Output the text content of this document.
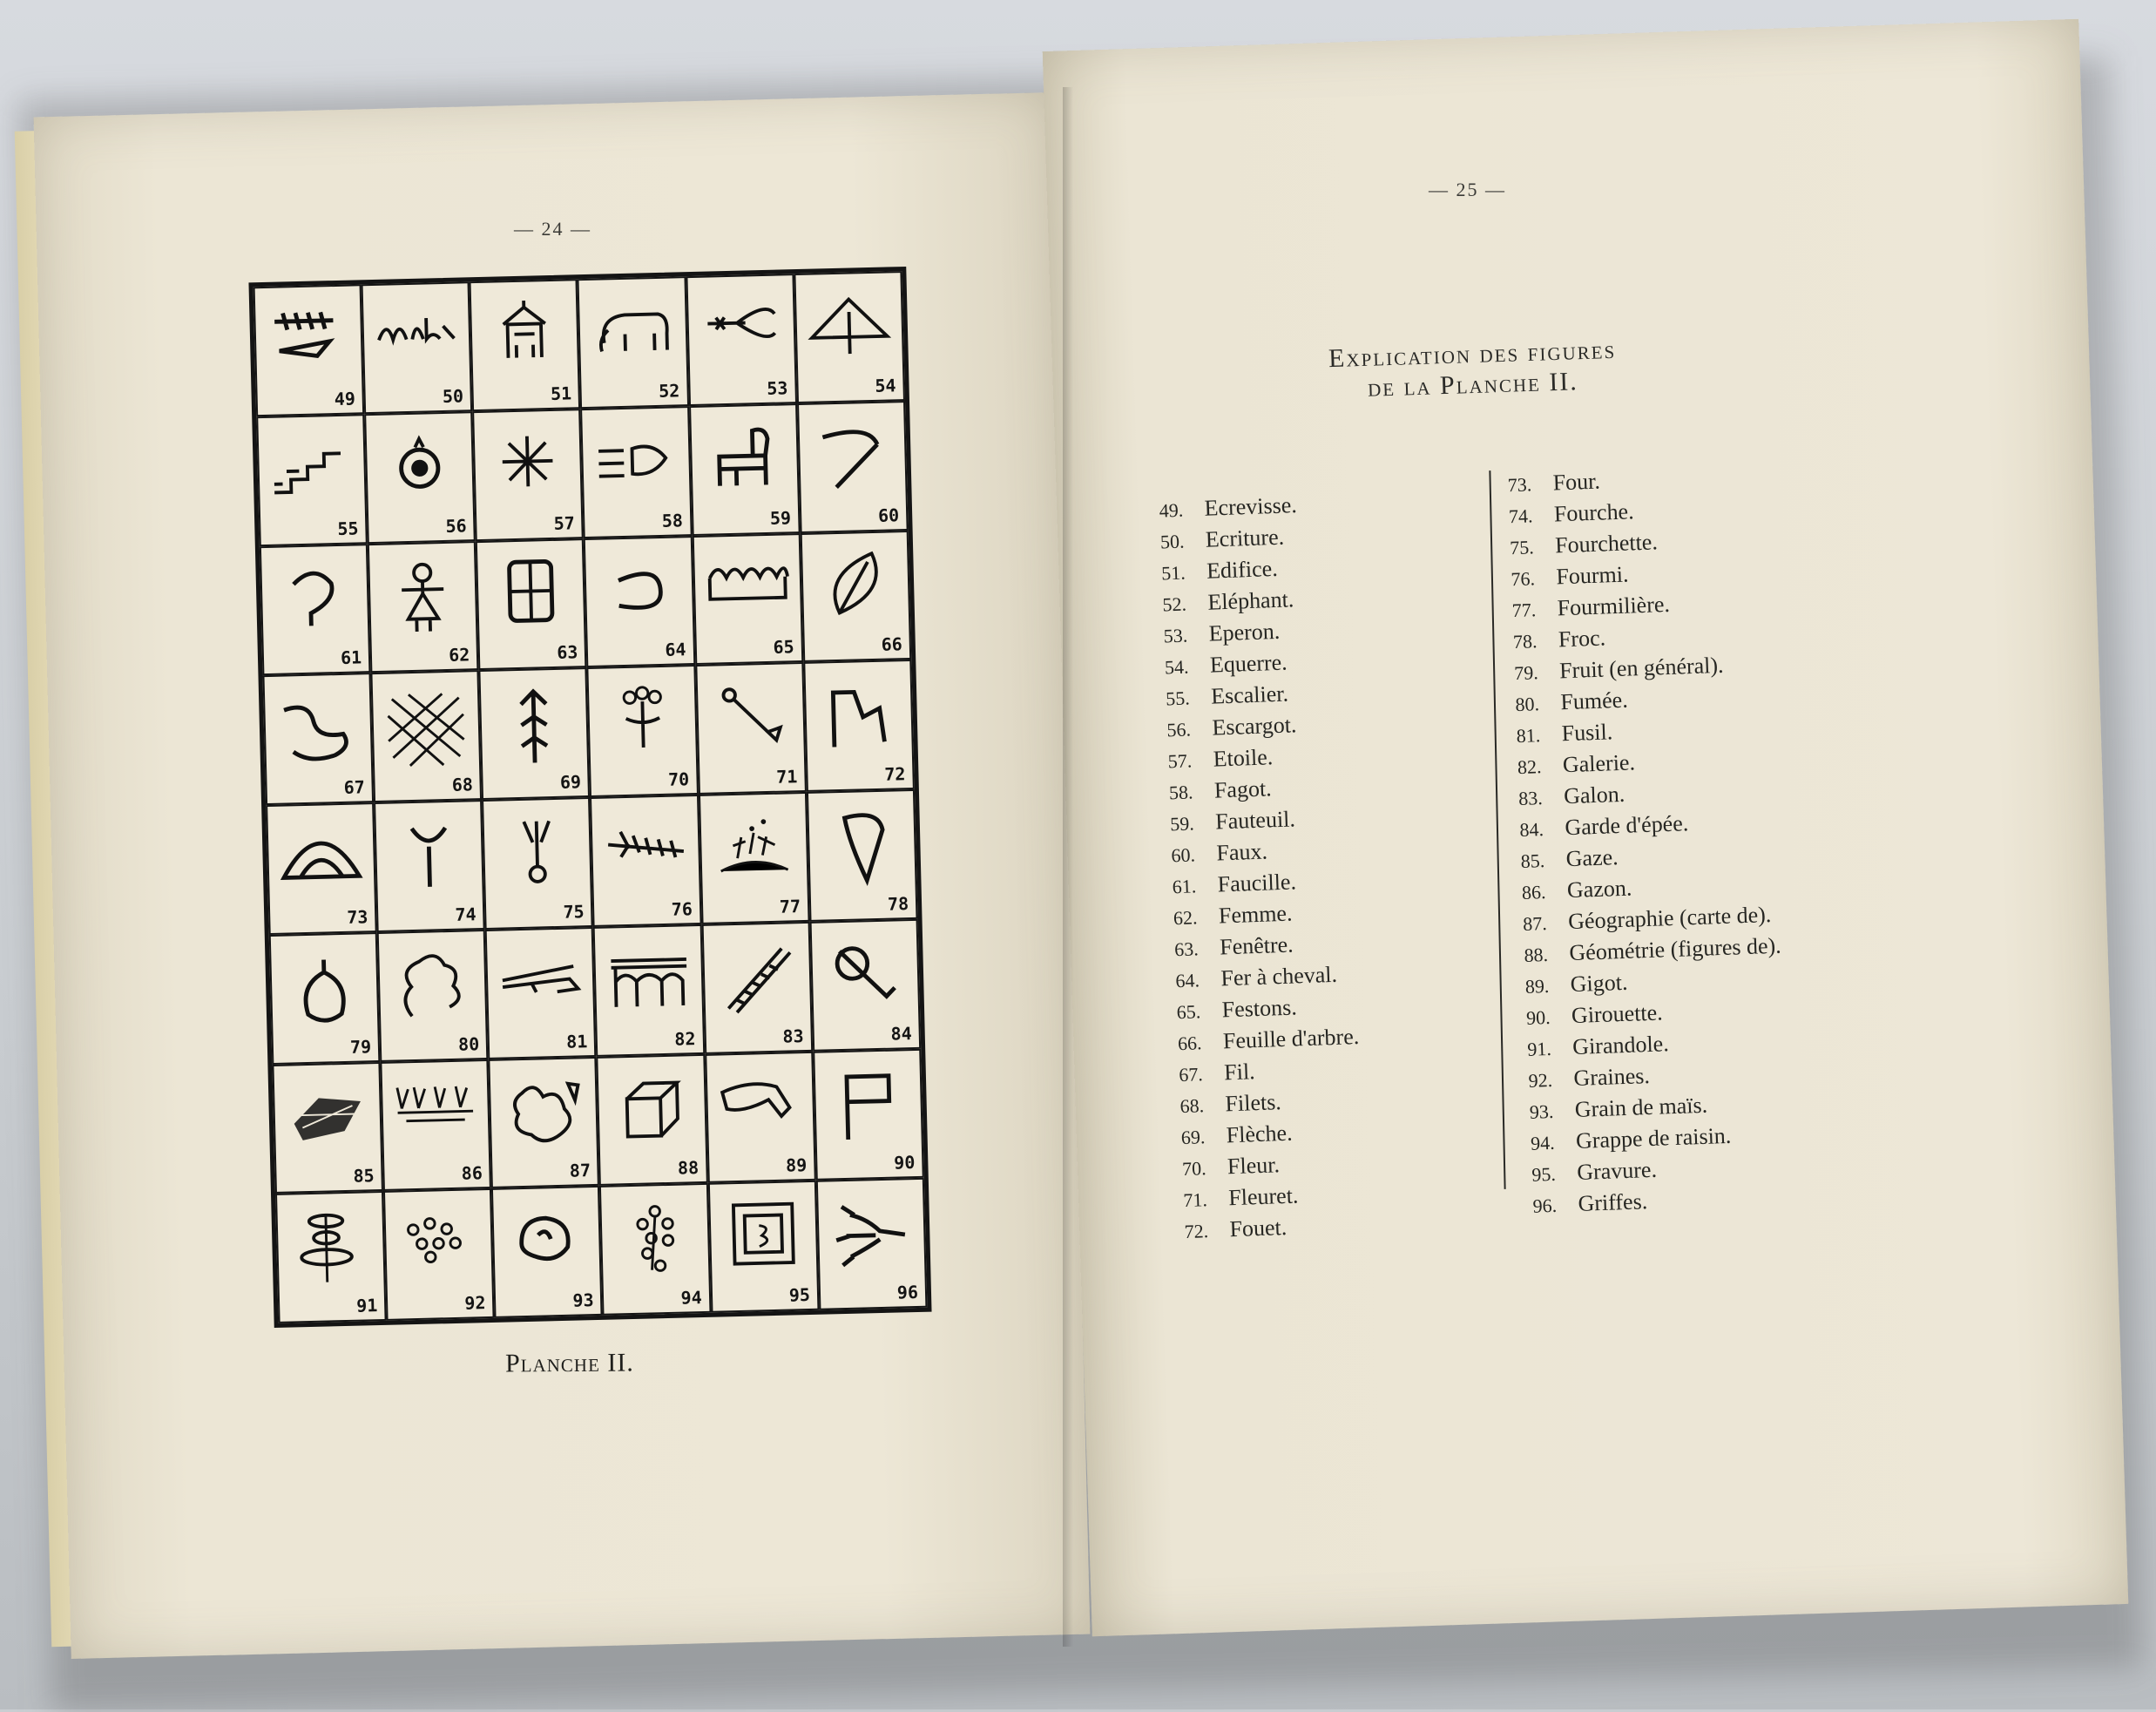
— 24 —
— 25 —
49	50	51	52	53	54
55	56	57	58	59	60
61	62	63	64	65	66
67	68	69	70	71	72
73	74	75	76	77	78
79	80	81	82	83	84
85	86	87	88	89	90
91	92	93	94	95	96
Planche II.
Explication des figures
de la Planche II.
49. Ecrevisse.
50. Ecriture.
51. Edifice.
52. Eléphant.
53. Eperon.
54. Equerre.
55. Escalier.
56. Escargot.
57. Etoile.
58. Fagot.
59. Fauteuil.
60. Faux.
61. Faucille.
62. Femme.
63. Fenêtre.
64. Fer à cheval.
65. Festons.
66. Feuille d'arbre.
67. Fil.
68. Filets.
69. Flèche.
70. Fleur.
71. Fleuret.
72. Fouet.
73. Four.
74. Fourche.
75. Fourchette.
76. Fourmi.
77. Fourmilière.
78. Froc.
79. Fruit (en général).
80. Fumée.
81. Fusil.
82. Galerie.
83. Galon.
84. Garde d'épée.
85. Gaze.
86. Gazon.
87. Géographie (carte de).
88. Géométrie (figures de).
89. Gigot.
90. Girouette.
91. Girandole.
92. Graines.
93. Grain de maïs.
94. Grappe de raisin.
95. Gravure.
96. Griffes.
